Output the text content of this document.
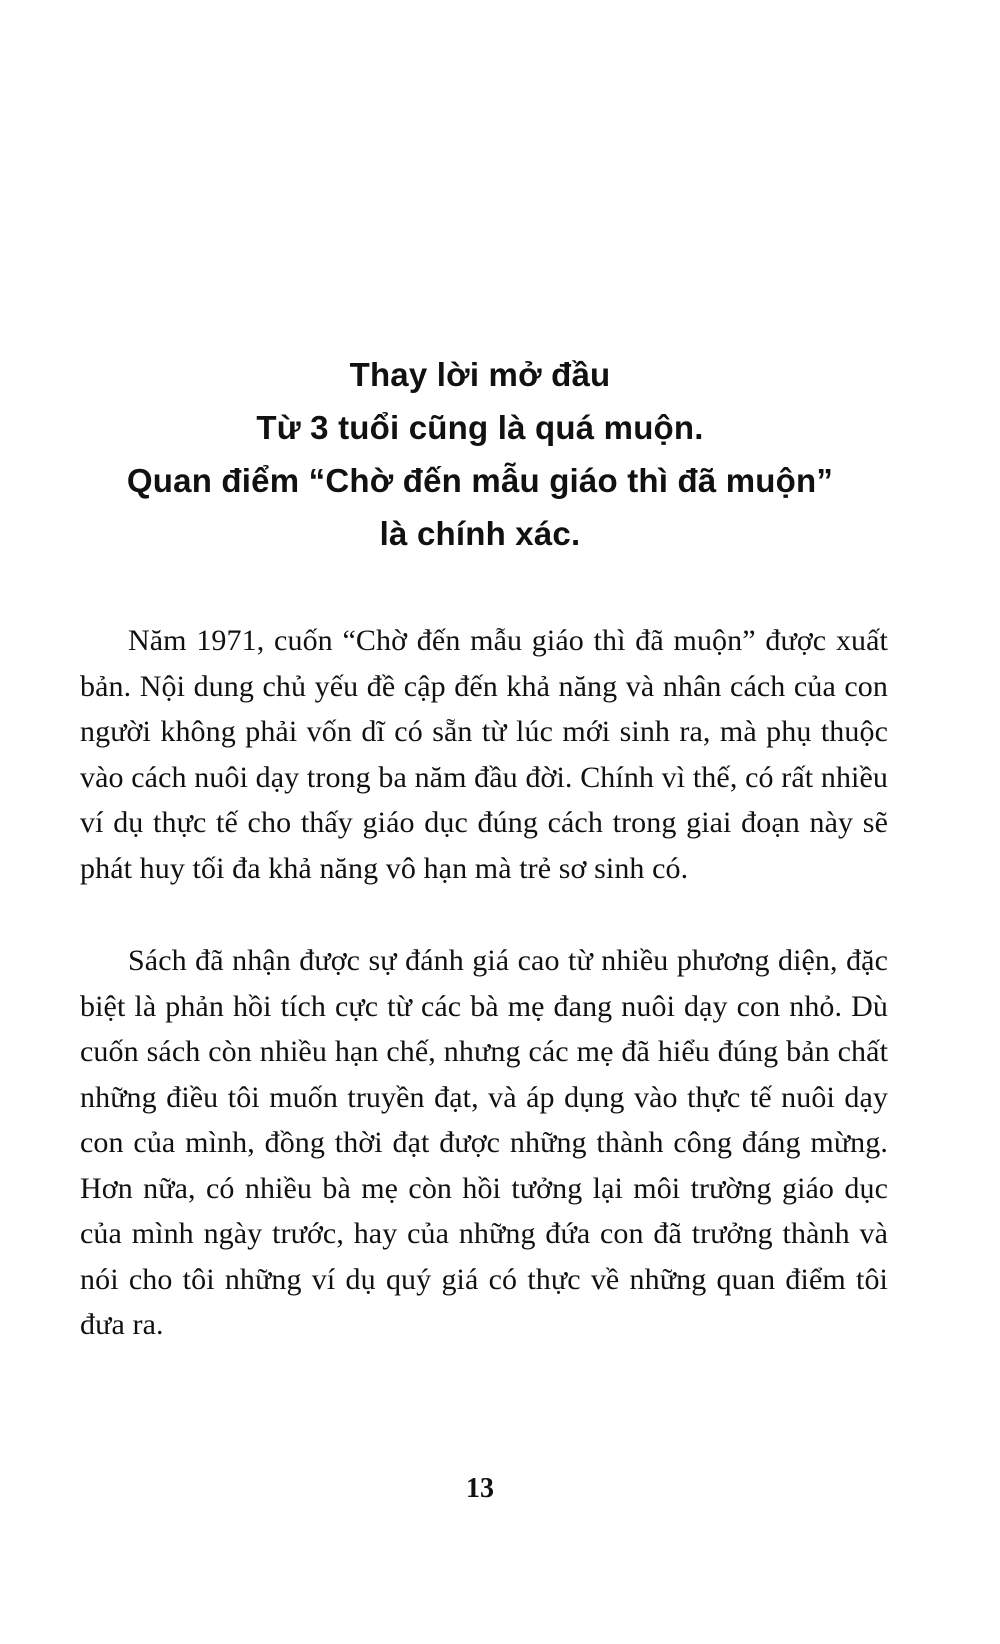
Thay lời mở đầu
Từ 3 tuổi cũng là quá muộn.
Quan điểm “Chờ đến mẫu giáo thì đã muộn”
là chính xác.

Năm 1971, cuốn “Chờ đến mẫu giáo thì đã muộn” được xuất bản. Nội dung chủ yếu đề cập đến khả năng và nhân cách của con người không phải vốn dĩ có sẵn từ lúc mới sinh ra, mà phụ thuộc vào cách nuôi dạy trong ba năm đầu đời. Chính vì thế, có rất nhiều ví dụ thực tế cho thấy giáo dục đúng cách trong giai đoạn này sẽ phát huy tối đa khả năng vô hạn mà trẻ sơ sinh có.

Sách đã nhận được sự đánh giá cao từ nhiều phương diện, đặc biệt là phản hồi tích cực từ các bà mẹ đang nuôi dạy con nhỏ. Dù cuốn sách còn nhiều hạn chế, nhưng các mẹ đã hiểu đúng bản chất những điều tôi muốn truyền đạt, và áp dụng vào thực tế nuôi dạy con của mình, đồng thời đạt được những thành công đáng mừng. Hơn nữa, có nhiều bà mẹ còn hồi tưởng lại môi trường giáo dục của mình ngày trước, hay của những đứa con đã trưởng thành và nói cho tôi những ví dụ quý giá có thực về những quan điểm tôi đưa ra.

13
